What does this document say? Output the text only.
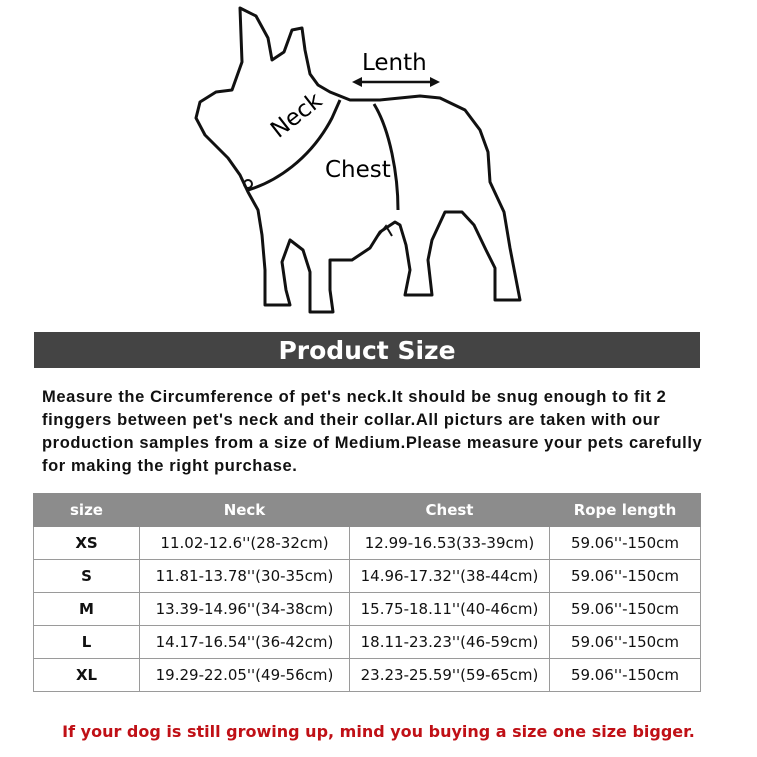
Lenth
Neck
Chest
Product Size
Measure the Circumference of pet's neck.It should be snug enough to fit 2 finggers between pet's neck and their collar.All picturs are taken with our production samples from a size of Medium.Please measure your pets carefully for making the right purchase.
size	Neck	Chest	Rope length
XS	11.02-12.6''(28-32cm)	12.99-16.53(33-39cm)	59.06''-150cm
S	11.81-13.78''(30-35cm)	14.96-17.32''(38-44cm)	59.06''-150cm
M	13.39-14.96''(34-38cm)	15.75-18.11''(40-46cm)	59.06''-150cm
L	14.17-16.54''(36-42cm)	18.11-23.23''(46-59cm)	59.06''-150cm
XL	19.29-22.05''(49-56cm)	23.23-25.59''(59-65cm)	59.06''-150cm
If your dog is still growing up, mind you buying a size one size bigger.
